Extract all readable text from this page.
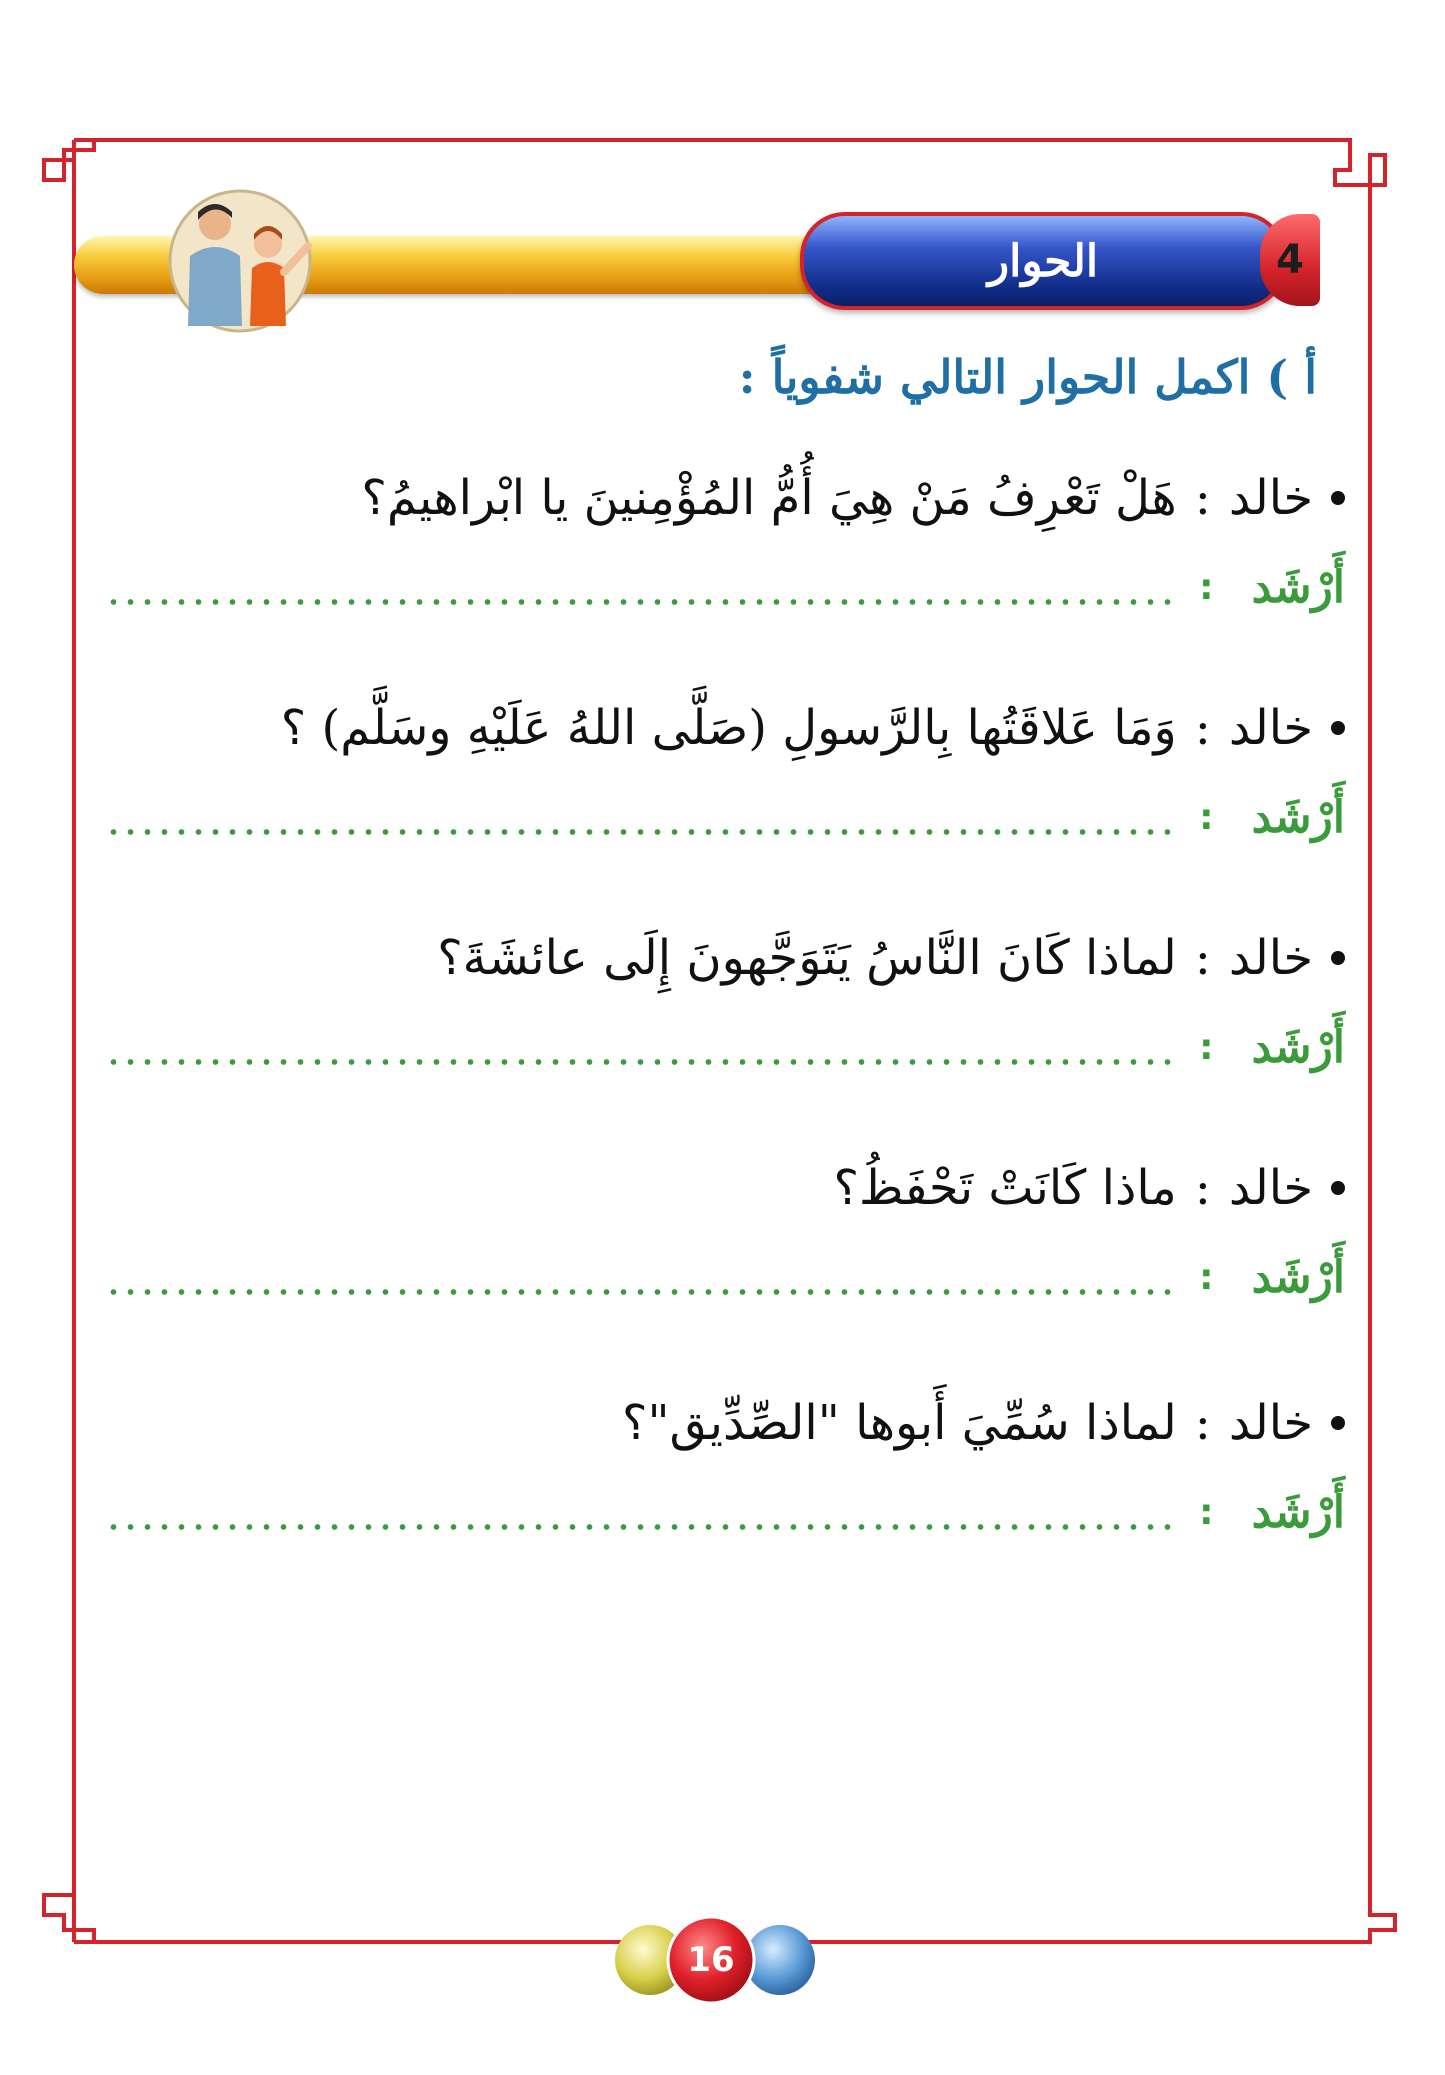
الحوار	4
أ ) اكمل الحوار التالي شفوياً :
خالد
:
هَلْ تَعْرِفُ مَنْ هِيَ أُمُّ المُؤْمِنينَ يا ابْراهيمُ؟
أَرْشَد
:
خالد
:
وَمَا عَلاقَتُها بِالرَّسولِ (صَلَّى اللهُ عَلَيْهِ وسَلَّم) ؟
أَرْشَد
:
خالد
:
لماذا كَانَ النَّاسُ يَتَوَجَّهونَ إِلَى عائشَةَ؟
أَرْشَد
:
خالد
:
ماذا كَانَتْ تَحْفَظُ؟
أَرْشَد
:
خالد
:
لماذا سُمِّيَ أَبوها "الصِّدِّيق"؟
أَرْشَد
:
16
